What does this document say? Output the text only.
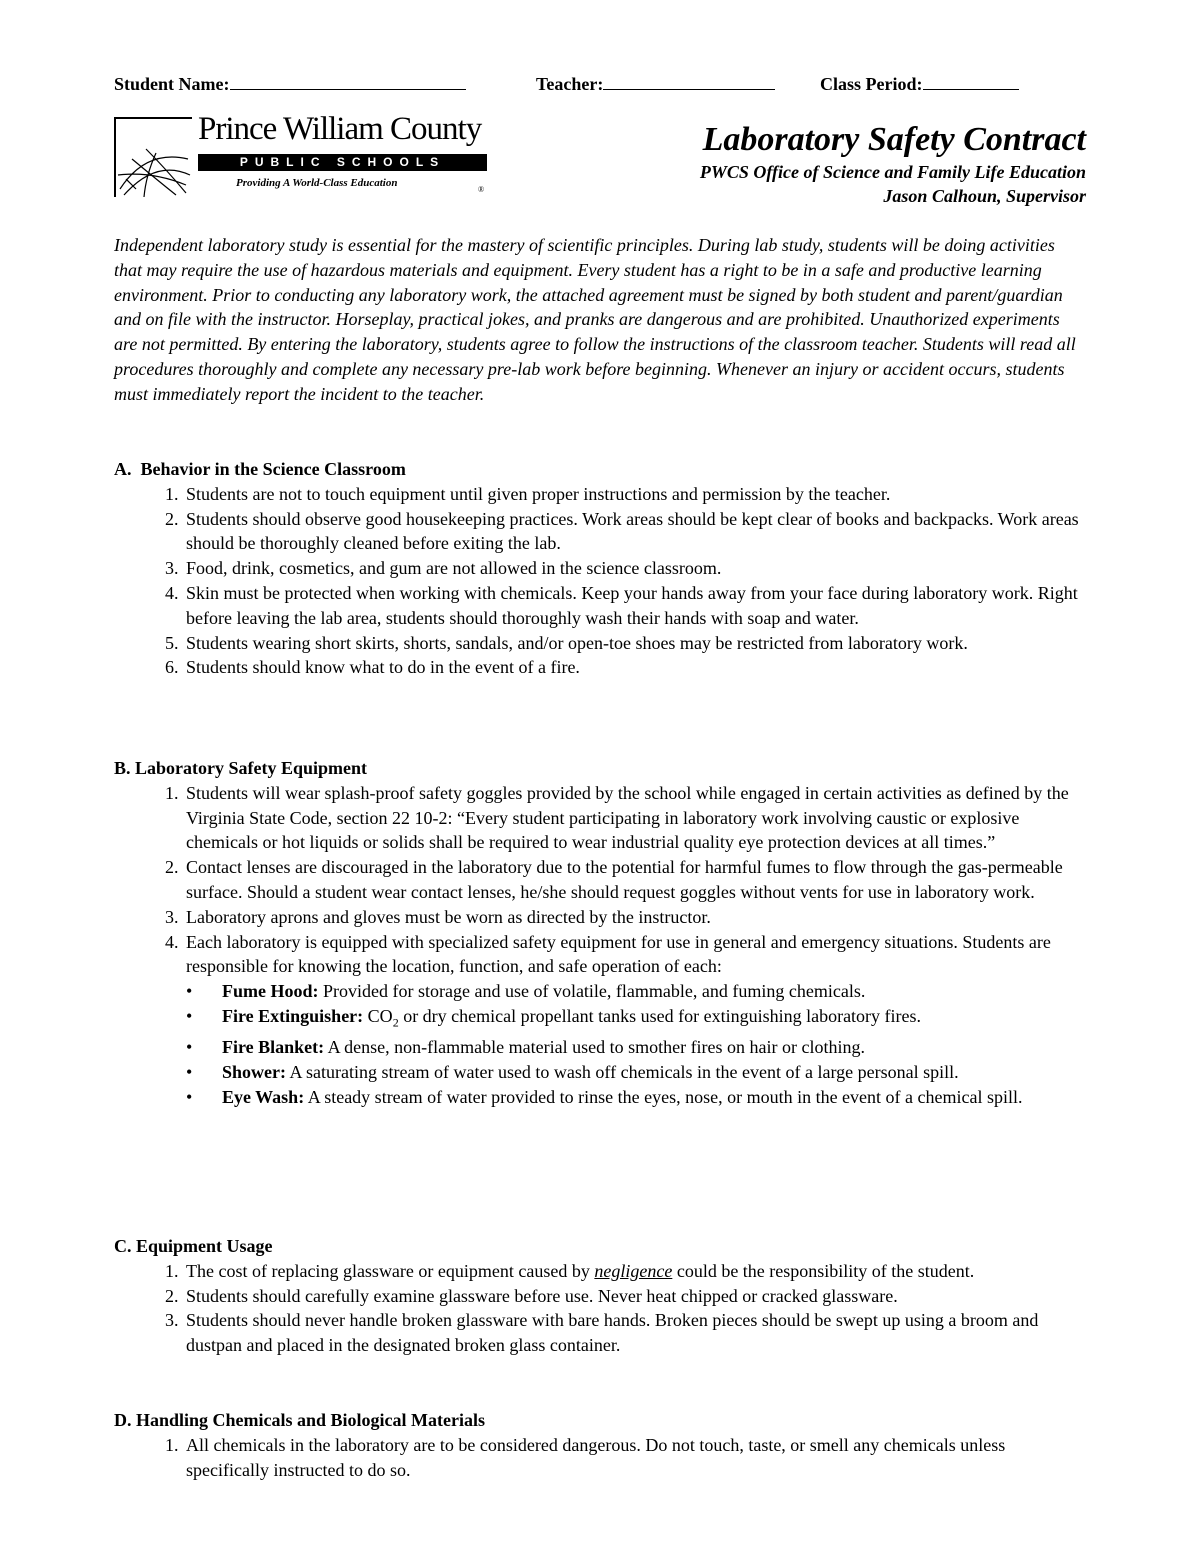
Student Name:	Teacher:	Class Period:
Prince William County
PUBLIC SCHOOLS
Providing A World-Class Education
®
Laboratory Safety Contract
PWCS Office of Science and Family Life Education
Jason Calhoun, Supervisor
Independent laboratory study is essential for the mastery of scientific principles. During lab study, students will be doing activities that may require the use of hazardous materials and equipment. Every student has a right to be in a safe and productive learning environment. Prior to conducting any laboratory work, the attached agreement must be signed by both student and parent/guardian and on file with the instructor. Horseplay, practical jokes, and pranks are dangerous and are prohibited. Unauthorized experiments are not permitted. By entering the laboratory, students agree to follow the instructions of the classroom teacher. Students will read all procedures thoroughly and complete any necessary pre-lab work before beginning. Whenever an injury or accident occurs, students must immediately report the incident to the teacher.
A.  Behavior in the Science Classroom
1. Students are not to touch equipment until given proper instructions and permission by the teacher.
2. Students should observe good housekeeping practices. Work areas should be kept clear of books and backpacks. Work areas should be thoroughly cleaned before exiting the lab.
3. Food, drink, cosmetics, and gum are not allowed in the science classroom.
4. Skin must be protected when working with chemicals. Keep your hands away from your face during laboratory work. Right before leaving the lab area, students should thoroughly wash their hands with soap and water.
5. Students wearing short skirts, shorts, sandals, and/or open-toe shoes may be restricted from laboratory work.
6. Students should know what to do in the event of a fire.
B. Laboratory Safety Equipment
1. Students will wear splash-proof safety goggles provided by the school while engaged in certain activities as defined by the Virginia State Code, section 22 10-2: “Every student participating in laboratory work involving caustic or explosive chemicals or hot liquids or solids shall be required to wear industrial quality eye protection devices at all times.”
2. Contact lenses are discouraged in the laboratory due to the potential for harmful fumes to flow through the gas-permeable surface. Should a student wear contact lenses, he/she should request goggles without vents for use in laboratory work.
3. Laboratory aprons and gloves must be worn as directed by the instructor.
4. Each laboratory is equipped with specialized safety equipment for use in general and emergency situations. Students are responsible for knowing the location, function, and safe operation of each:
• Fume Hood: Provided for storage and use of volatile, flammable, and fuming chemicals.
• Fire Extinguisher: $CO_2$ or dry chemical propellant tanks used for extinguishing laboratory fires.
• Fire Blanket: A dense, non-flammable material used to smother fires on hair or clothing.
• Shower: A saturating stream of water used to wash off chemicals in the event of a large personal spill.
• Eye Wash: A steady stream of water provided to rinse the eyes, nose, or mouth in the event of a chemical spill.
C. Equipment Usage
1. The cost of replacing glassware or equipment caused by negligence could be the responsibility of the student.
2. Students should carefully examine glassware before use. Never heat chipped or cracked glassware.
3. Students should never handle broken glassware with bare hands. Broken pieces should be swept up using a broom and dustpan and placed in the designated broken glass container.
D. Handling Chemicals and Biological Materials
1. All chemicals in the laboratory are to be considered dangerous. Do not touch, taste, or smell any chemicals unless specifically instructed to do so.
